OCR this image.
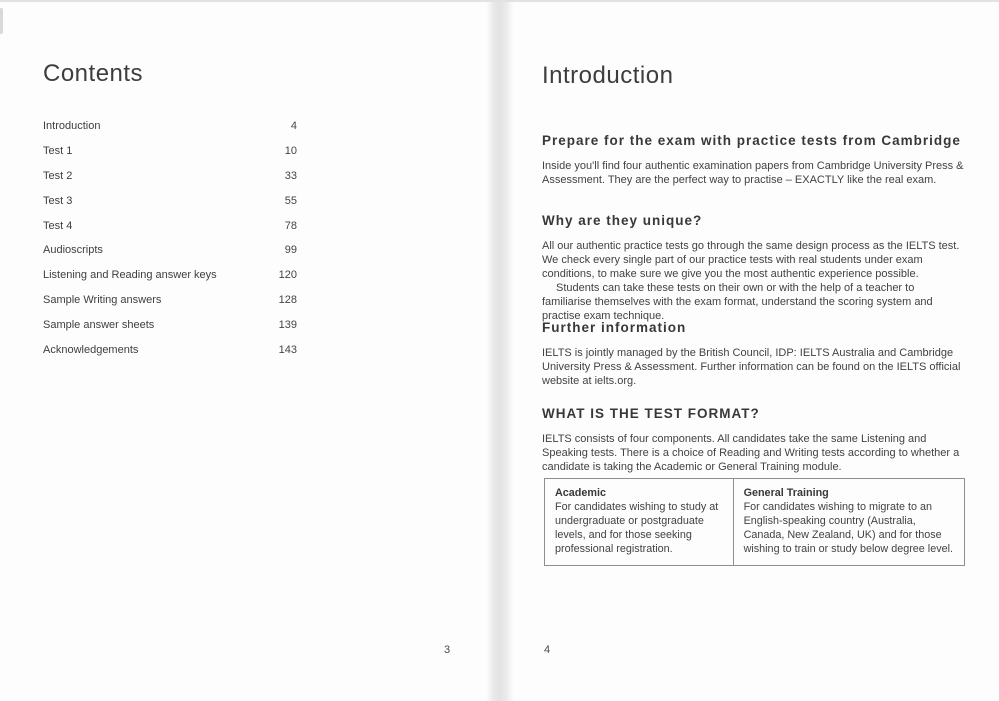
Contents
Introduction	4
Test 1	10
Test 2	33
Test 3	55
Test 4	78
Audioscripts	99
Listening and Reading answer keys	120
Sample Writing answers	128
Sample answer sheets	139
Acknowledgements	143
3
Introduction
Prepare for the exam with practice tests from Cambridge

Inside you'll find four authentic examination papers from Cambridge University Press & Assessment. They are the perfect way to practise – EXACTLY like the real exam.

Why are they unique?

All our authentic practice tests go through the same design process as the IELTS test. We check every single part of our practice tests with real students under exam conditions, to make sure we give you the most authentic experience possible.

Students can take these tests on their own or with the help of a teacher to familiarise themselves with the exam format, understand the scoring system and practise exam technique.

Further information

IELTS is jointly managed by the British Council, IDP: IELTS Australia and Cambridge University Press & Assessment. Further information can be found on the IELTS official website at ielts.org.

WHAT IS THE TEST FORMAT?

IELTS consists of four components. All candidates take the same Listening and Speaking tests. There is a choice of Reading and Writing tests according to whether a candidate is taking the Academic or General Training module.

Academic
For candidates wishing to study at undergraduate or postgraduate levels, and for those seeking professional registration.
General Training
For candidates wishing to migrate to an English-speaking country (Australia, Canada, New Zealand, UK) and for those wishing to train or study below degree level.
4
